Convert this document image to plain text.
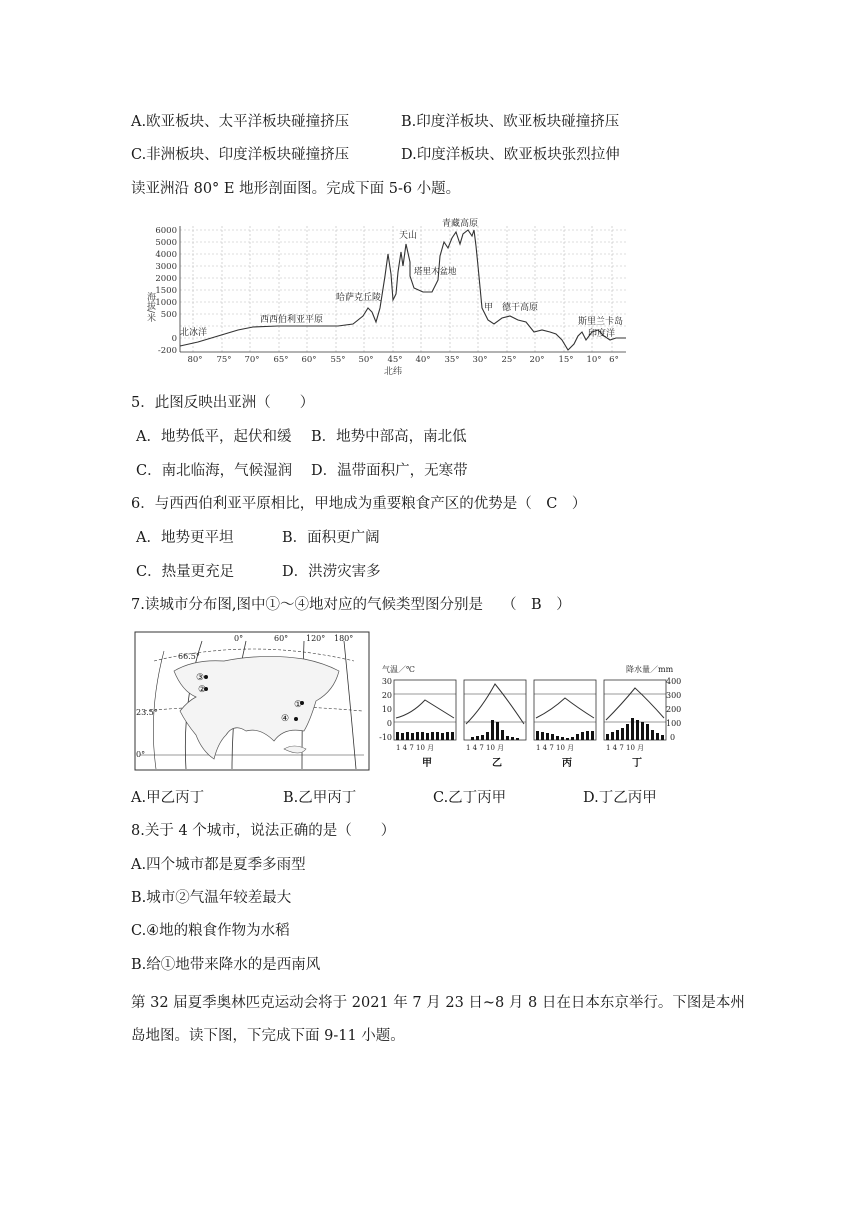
A.欧亚板块、太平洋板块碰撞挤压	B.印度洋板块、欧亚板块碰撞挤压
C.非洲板块、印度洋板块碰撞挤压	D.印度洋板块、欧亚板块张烈拉伸
读亚洲沿 80° E 地形剖面图。完成下面 5-6 小题。
6000
5000
4000
3000
2000
1500
1000
500
0
-200
海拔/米
80° 75° 70° 65° 60° 55° 50° 45° 40° 35° 30° 25° 20° 15° 10° 6°
北纬
青藏高原
天山
塔里木盆地
哈萨克丘陵
西西伯利亚平原
北冰洋
甲 德干高原
斯里兰卡岛
印度洋
5．此图反映出亚洲（　　）
A．地势低平，起伏和缓 B．地势中部高，南北低
C．南北临海，气候湿润 D．温带面积广，无寒带
6．与西西伯利亚平原相比，甲地成为重要粮食产区的优势是（　C　）
A．地势更平坦	B．面积更广阔
C．热量更充足	D．洪涝灾害多
7.读城市分布图,图中①～④地对应的气候类型图分别是　 （　B　）
0°	60° 120° 180°
66.5°
23.5°
0°
③
②
①
④
气温／℃	降水量／mm
30
20
10
0
-10
400
300
200
100
0
1 4 7 10 月
甲
1 4 7 10 月
乙
1 4 7 10 月
丙
1 4 7 10 月
丁
A.甲乙丙丁	B.乙甲丙丁	C.乙丁丙甲	D.丁乙丙甲
8.关于 4 个城市，说法正确的是（　　）
A.四个城市都是夏季多雨型
B.城市②气温年较差最大
C.④地的粮食作物为水稻
B.给①地带来降水的是西南风
第 32 届夏季奥林匹克运动会将于 2021 年 7 月 23 日~8 月 8 日在日本东京举行。下图是本州
岛地图。读下图，下完成下面 9-11 小题。
